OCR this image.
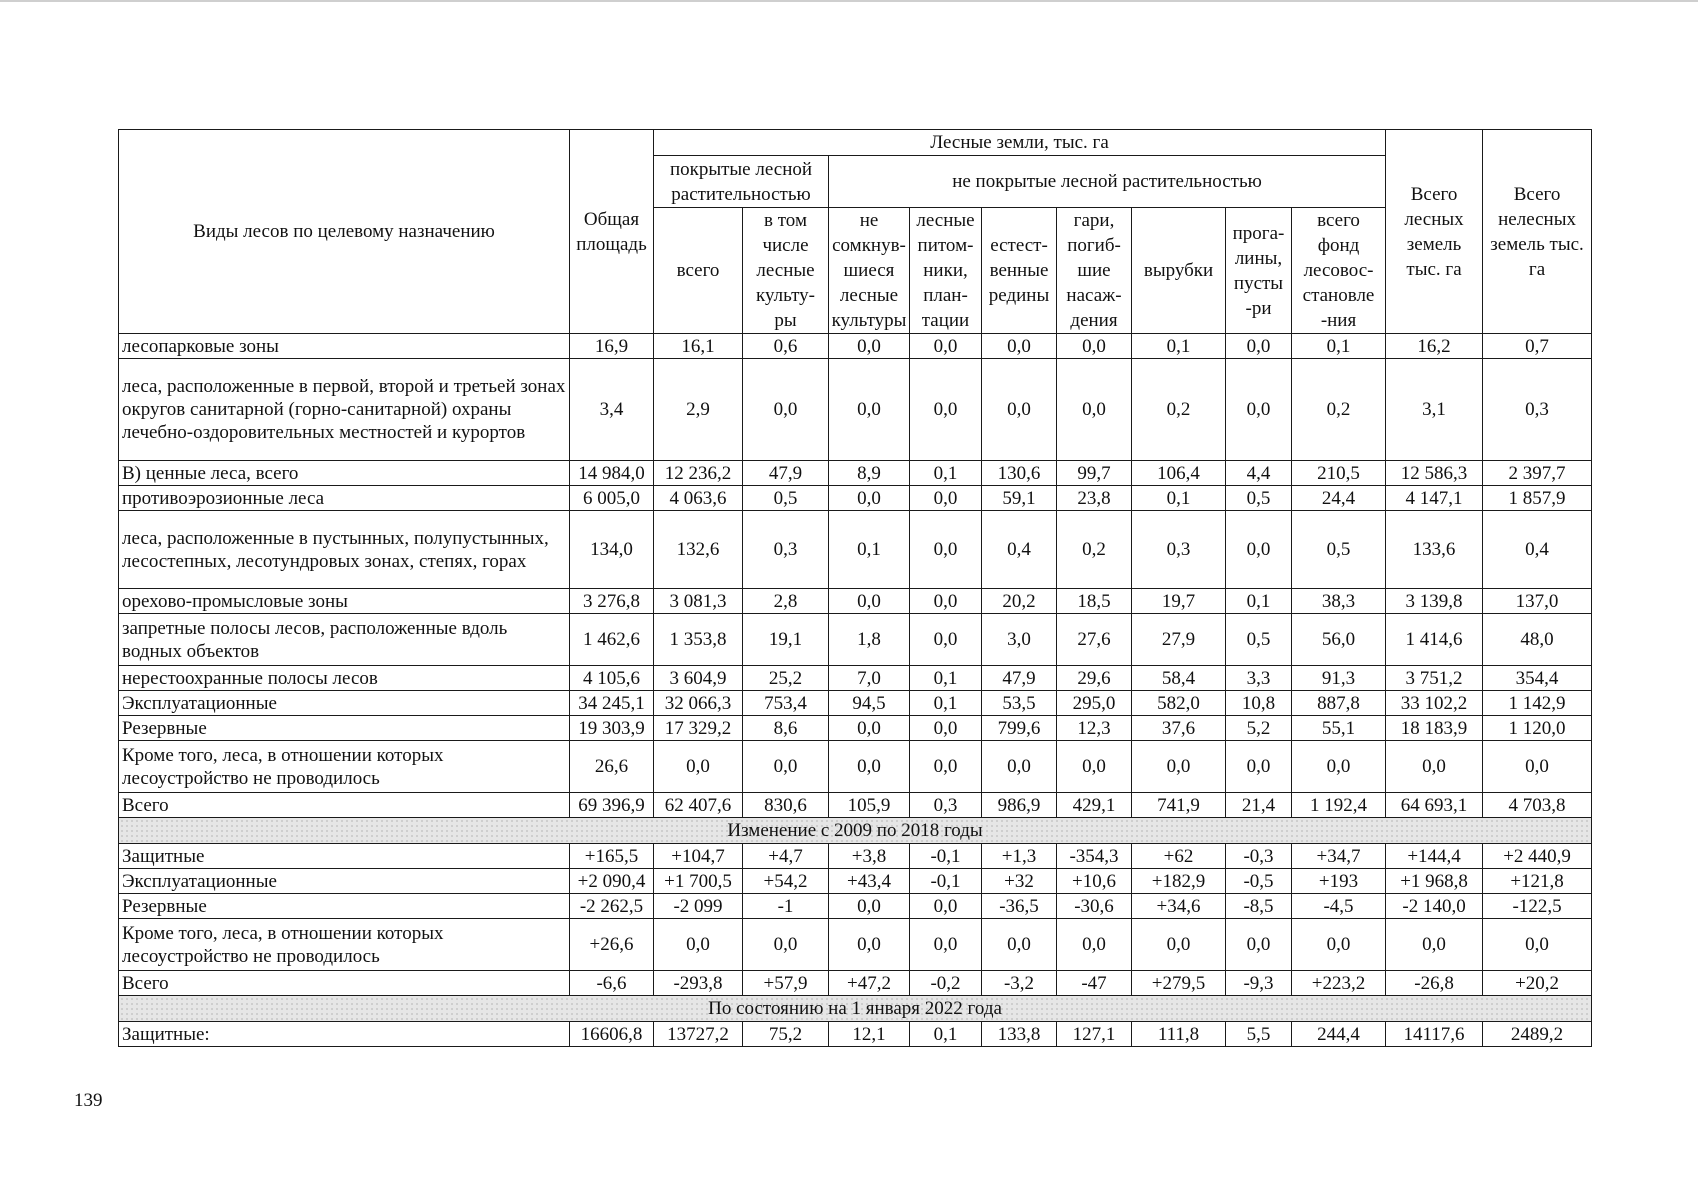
Виды лесов по целевому назначению	Общая площадь	Лесные земли, тыс. га									Всего лесных земель тыс. га	Всего нелесных земель тыс. га
		покрытые лесной растительностью		не покрытые лесной растительностью								
		всего	в том числе лесные культу-ры	не сомкнув-шиеся лесные культуры	лесные питом-ники, план-тации	естест-венные редины	гари, погиб-шие насаж-дения	вырубки	прога-лины, пусты -ри	всего фонд лесовос-становле -ния		
лесопарковые зоны	16,9	16,1	0,6	0,0	0,0	0,0	0,0	0,1	0,0	0,1	16,2	0,7
леса, расположенные в первой, второй и третьей зонах округов санитарной (горно-санитарной) охраны лечебно-оздоровительных местностей и курортов	3,4	2,9	0,0	0,0	0,0	0,0	0,0	0,2	0,0	0,2	3,1	0,3
В) ценные леса, всего	14 984,0	12 236,2	47,9	8,9	0,1	130,6	99,7	106,4	4,4	210,5	12 586,3	2 397,7
противоэрозионные леса	6 005,0	4 063,6	0,5	0,0	0,0	59,1	23,8	0,1	0,5	24,4	4 147,1	1 857,9
леса, расположенные в пустынных, полупустынных, лесостепных, лесотундровых зонах, степях, горах	134,0	132,6	0,3	0,1	0,0	0,4	0,2	0,3	0,0	0,5	133,6	0,4
орехово-промысловые зоны	3 276,8	3 081,3	2,8	0,0	0,0	20,2	18,5	19,7	0,1	38,3	3 139,8	137,0
запретные полосы лесов, расположенные вдоль водных объектов	1 462,6	1 353,8	19,1	1,8	0,0	3,0	27,6	27,9	0,5	56,0	1 414,6	48,0
нерестоохранные полосы лесов	4 105,6	3 604,9	25,2	7,0	0,1	47,9	29,6	58,4	3,3	91,3	3 751,2	354,4
Эксплуатационные	34 245,1	32 066,3	753,4	94,5	0,1	53,5	295,0	582,0	10,8	887,8	33 102,2	1 142,9
Резервные	19 303,9	17 329,2	8,6	0,0	0,0	799,6	12,3	37,6	5,2	55,1	18 183,9	1 120,0
Кроме того, леса, в отношении которых лесоустройство не проводилось	26,6	0,0	0,0	0,0	0,0	0,0	0,0	0,0	0,0	0,0	0,0	0,0
Всего	69 396,9	62 407,6	830,6	105,9	0,3	986,9	429,1	741,9	21,4	1 192,4	64 693,1	4 703,8
Изменение с 2009 по 2018 годы												
Защитные	+165,5	+104,7	+4,7	+3,8	-0,1	+1,3	-354,3	+62	-0,3	+34,7	+144,4	+2 440,9
Эксплуатационные	+2 090,4	+1 700,5	+54,2	+43,4	-0,1	+32	+10,6	+182,9	-0,5	+193	+1 968,8	+121,8
Резервные	-2 262,5	-2 099	-1	0,0	0,0	-36,5	-30,6	+34,6	-8,5	-4,5	-2 140,0	-122,5
Кроме того, леса, в отношении которых лесоустройство не проводилось	+26,6	0,0	0,0	0,0	0,0	0,0	0,0	0,0	0,0	0,0	0,0	0,0
Всего	-6,6	-293,8	+57,9	+47,2	-0,2	-3,2	-47	+279,5	-9,3	+223,2	-26,8	+20,2
По состоянию на 1 января 2022 года												
Защитные:	16606,8	13727,2	75,2	12,1	0,1	133,8	127,1	111,8	5,5	244,4	14117,6	2489,2
139
